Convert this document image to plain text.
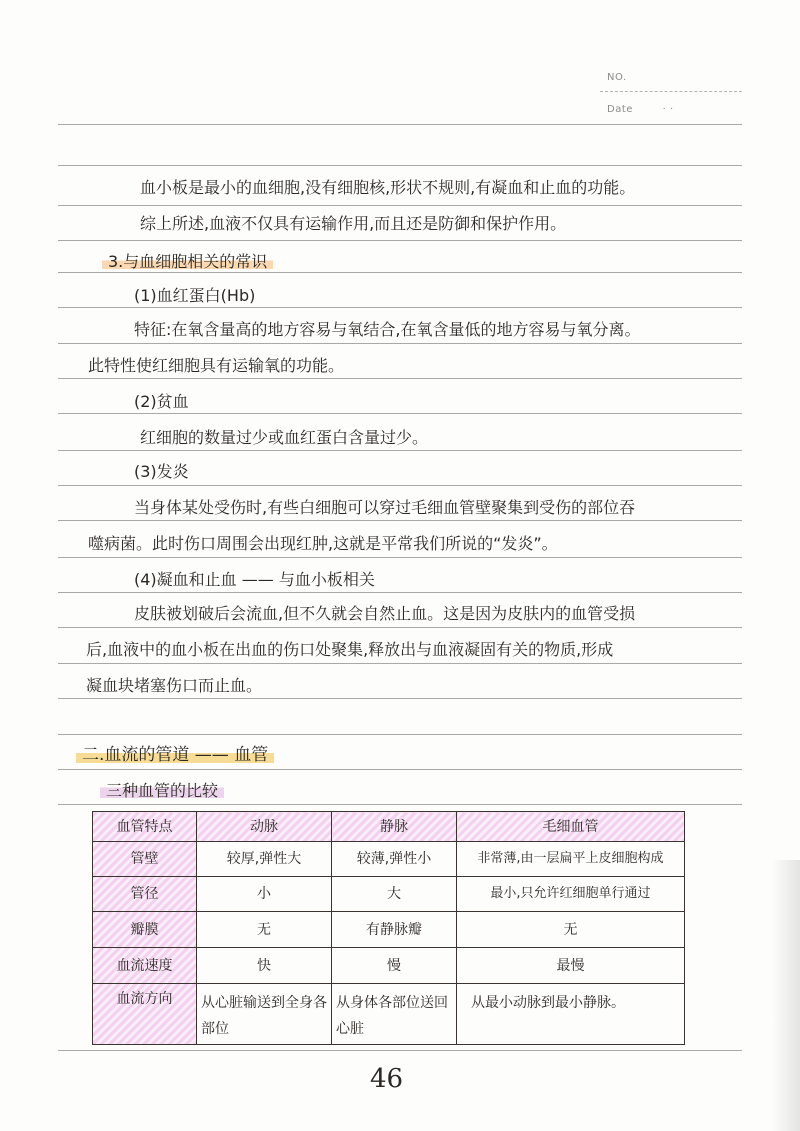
NO.
Date	· ·
血小板是最小的血细胞,没有细胞核,形状不规则,有凝血和止血的功能。
综上所述,血液不仅具有运输作用,而且还是防御和保护作用。
3.与血细胞相关的常识
(1)血红蛋白(Hb)
特征:在氧含量高的地方容易与氧结合,在氧含量低的地方容易与氧分离。
此特性使红细胞具有运输氧的功能。
(2)贫血
红细胞的数量过少或血红蛋白含量过少。
(3)发炎
当身体某处受伤时,有些白细胞可以穿过毛细血管壁聚集到受伤的部位吞
噬病菌。此时伤口周围会出现红肿,这就是平常我们所说的“发炎”。
(4)凝血和止血 —— 与血小板相关
皮肤被划破后会流血,但不久就会自然止血。这是因为皮肤内的血管受损
后,血液中的血小板在出血的伤口处聚集,释放出与血液凝固有关的物质,形成
凝血块堵塞伤口而止血。
二.血流的管道 —— 血管
三种血管的比较
血管特点	动脉	静脉	毛细血管
管壁	较厚,弹性大	较薄,弹性小	非常薄,由一层扁平上皮细胞构成
管径	小	大	最小,只允许红细胞单行通过
瓣膜	无	有静脉瓣	无
血流速度	快	慢	最慢
血流方向	从心脏输送到全身各部位	从身体各部位送回心脏	从最小动脉到最小静脉。
46
